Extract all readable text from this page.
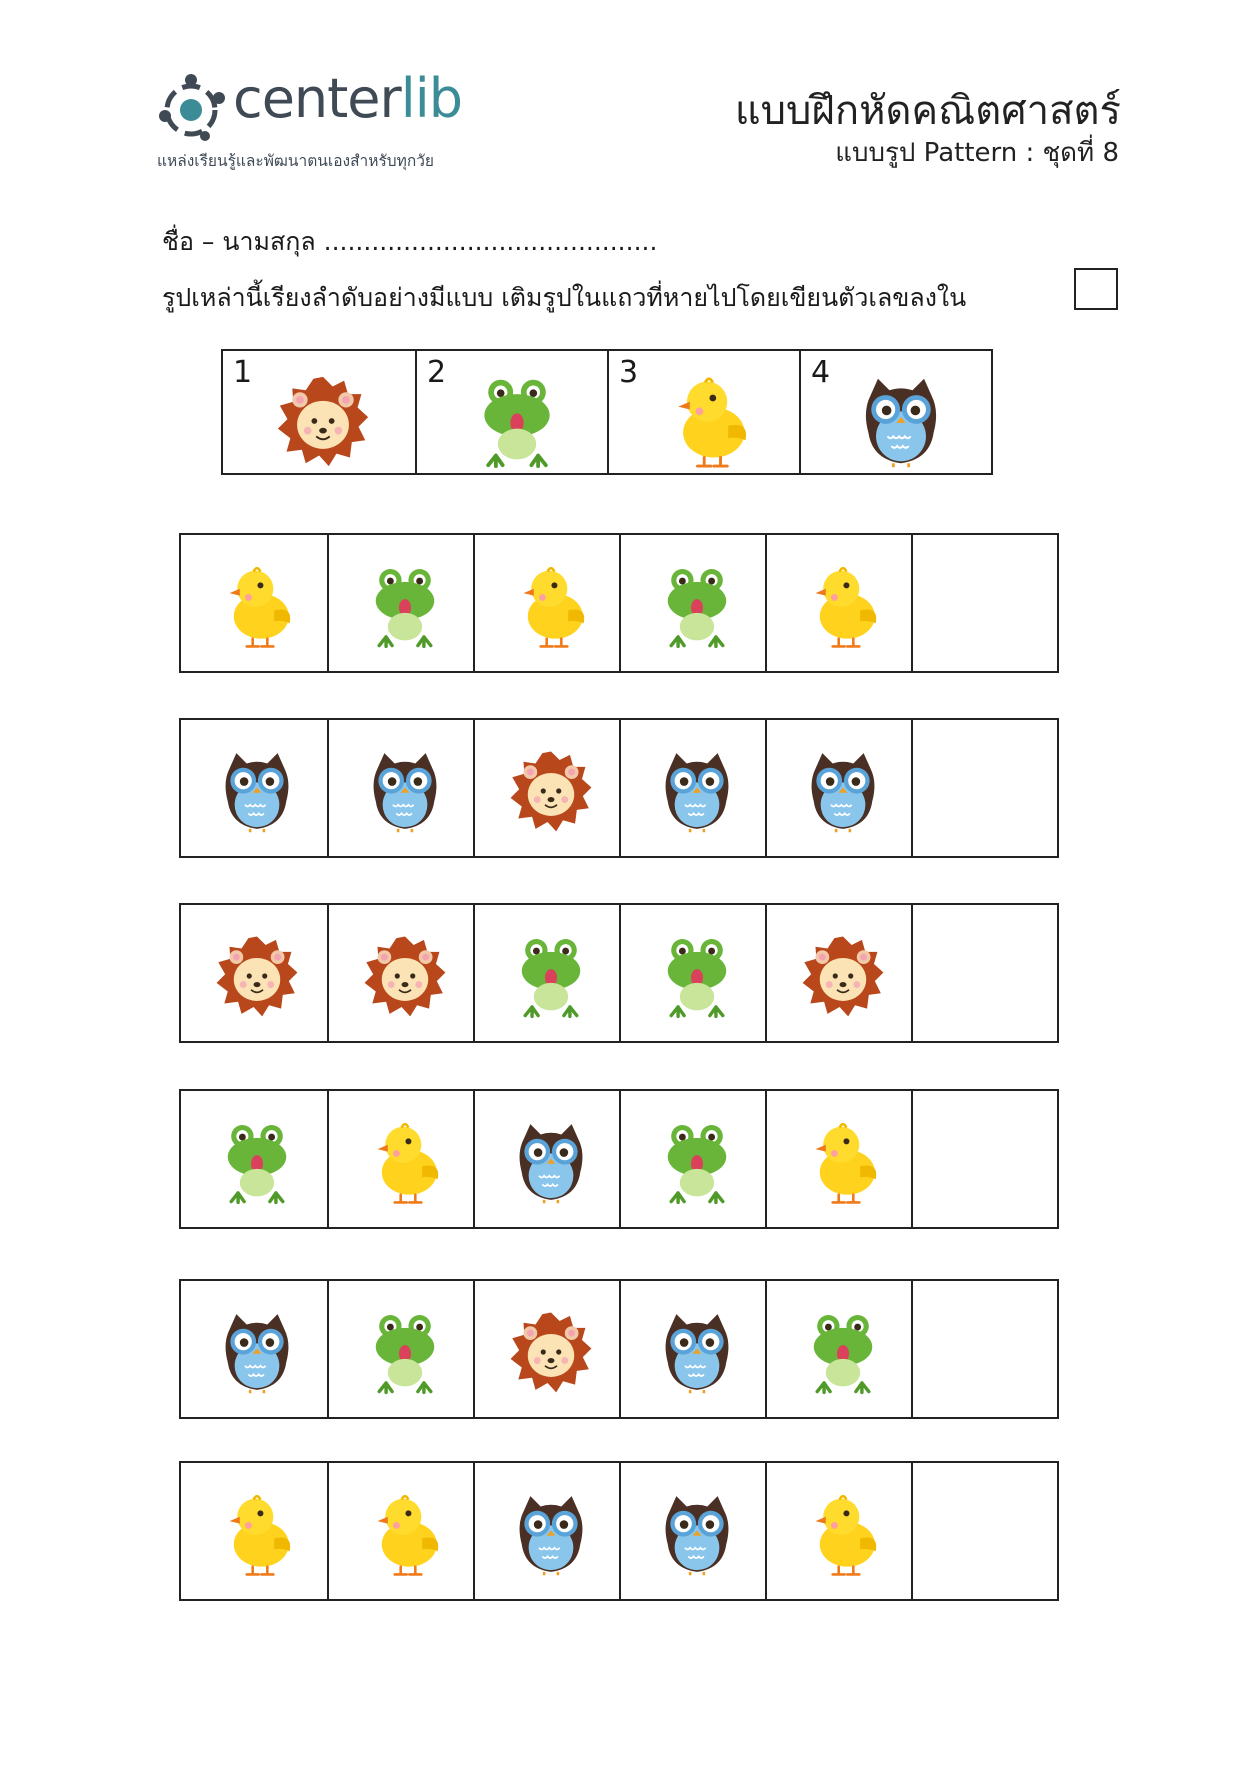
centerlib
แหล่งเรียนรู้และพัฒนาตนเองสำหรับทุกวัย
แบบฝึกหัดคณิตศาสตร์
แบบรูป Pattern : ชุดที่ 8
ชื่อ – นามสกุล ..........................................
รูปเหล่านี้เรียงลำดับอย่างมีแบบ เติมรูปในแถวที่หายไปโดยเขียนตัวเลขลงใน
1	2	3	4
